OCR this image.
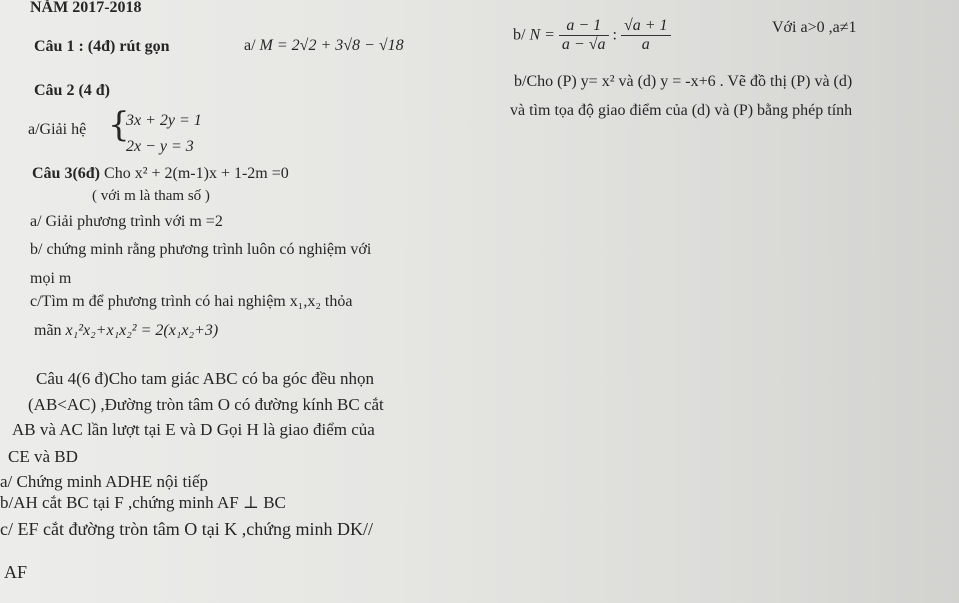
NĂM 2017-2018
Câu 1 : (4đ) rút gọn	a/ M = 2√2 + 3√8 − √18
b/ $N = \frac{a - 1}{a - √a}$ : $\frac{√a + 1}{a}$	Với a>0 ,a≠1
Câu 2 (4 đ)
b/Cho (P) y= x² và (d) y = -x+6 . Vẽ đồ thị (P) và (d)
và tìm tọa độ giao điểm của (d) và (P) bằng phép tính
a/Giải hệ {
3x + 2y = 1
2x − y = 3
Câu 3(6đ) Cho x² + 2(m-1)x + 1-2m =0
( với m là tham số )
a/ Giải phương trình với m =2
b/ chứng minh rằng phương trình luôn có nghiệm với
mọi m
c/Tìm m để phương trình có hai nghiệm x₁,x₂ thỏa
mãn x₁²x₂+x₁x₂² = 2(x₁x₂+3)
Câu 4(6 đ)Cho tam giác ABC có ba góc đều nhọn
(AB<AC) ,Đường tròn tâm O có đường kính BC cắt
AB và AC lần lượt tại E và D Gọi H là giao điểm của
CE và BD
a/ Chứng minh ADHE nội tiếp
b/AH cắt BC tại F ,chứng minh AF ⊥ BC
c/ EF cắt đường tròn tâm O tại K ,chứng minh DK//
AF
